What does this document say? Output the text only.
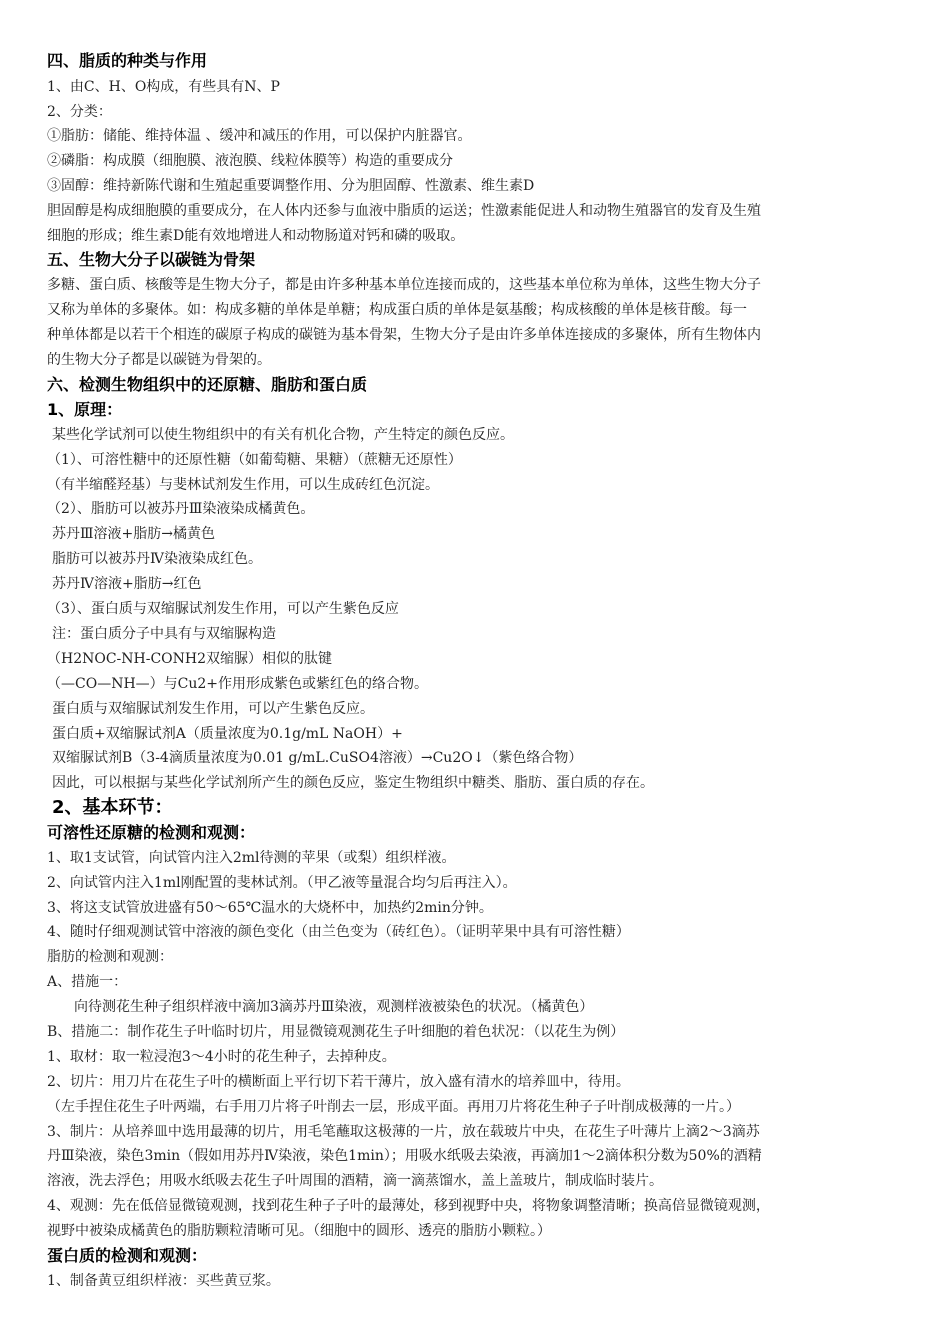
四、脂质的种类与作用

1、由C、H、O构成，有些具有N、P

2、分类：

①脂肪：储能、维持体温 、缓冲和减压的作用，可以保护内脏器官。

②磷脂：构成膜（细胞膜、液泡膜、线粒体膜等）构造的重要成分

③固醇：维持新陈代谢和生殖起重要调整作用、分为胆固醇、性激素、维生素D

胆固醇是构成细胞膜的重要成分，在人体内还参与血液中脂质的运送；性激素能促进人和动物生殖器官的发育及生殖

细胞的形成；维生素D能有效地增进人和动物肠道对钙和磷的吸取。

五、生物大分子以碳链为骨架

多糖、蛋白质、核酸等是生物大分子，都是由许多种基本单位连接而成的，这些基本单位称为单体，这些生物大分子

又称为单体的多聚体。如：构成多糖的单体是单糖；构成蛋白质的单体是氨基酸；构成核酸的单体是核苷酸。每一

种单体都是以若干个相连的碳原子构成的碳链为基本骨架，生物大分子是由许多单体连接成的多聚体，所有生物体内

的生物大分子都是以碳链为骨架的。

六、检测生物组织中的还原糖、脂肪和蛋白质

1、原理：

某些化学试剂可以使生物组织中的有关有机化合物，产生特定的颜色反应。

（1）、可溶性糖中的还原性糖（如葡萄糖、果糖）（蔗糖无还原性）

（有半缩醛羟基）与斐林试剂发生作用，可以生成砖红色沉淀。

（2）、脂肪可以被苏丹Ⅲ染液染成橘黄色。

苏丹Ⅲ溶液+脂肪→橘黄色

脂肪可以被苏丹Ⅳ染液染成红色。

苏丹Ⅳ溶液+脂肪→红色

（3）、蛋白质与双缩脲试剂发生作用，可以产生紫色反应

注：蛋白质分子中具有与双缩脲构造

（H2NOC-NH-CONH2双缩脲）相似的肽键

（—CO—NH—）与Cu2+作用形成紫色或紫红色的络合物。

蛋白质与双缩脲试剂发生作用，可以产生紫色反应。

蛋白质+双缩脲试剂A（质量浓度为0.1g/mL NaOH）+

双缩脲试剂B（3-4滴质量浓度为0.01 g/mL.CuSO4溶液）→Cu2O↓（紫色络合物）

因此，可以根据与某些化学试剂所产生的颜色反应，鉴定生物组织中糖类、脂肪、蛋白质的存在。

2、基本环节：

可溶性还原糖的检测和观测：

1、取1支试管，向试管内注入2ml待测的苹果（或梨）组织样液。

2、向试管内注入1ml刚配置的斐林试剂。（甲乙液等量混合均匀后再注入）。

3、将这支试管放进盛有50～65℃温水的大烧杯中，加热约2min分钟。

4、随时仔细观测试管中溶液的颜色变化（由兰色变为（砖红色）。（证明苹果中具有可溶性糖）

脂肪的检测和观测：

A、措施一：

向待测花生种子组织样液中滴加3滴苏丹Ⅲ染液，观测样液被染色的状况。（橘黄色）

B、措施二：制作花生子叶临时切片，用显微镜观测花生子叶细胞的着色状况：（以花生为例）

1、取材：取一粒浸泡3～4小时的花生种子，去掉种皮。

2、切片：用刀片在花生子叶的横断面上平行切下若干薄片，放入盛有清水的培养皿中，待用。

（左手捏住花生子叶两端，右手用刀片将子叶削去一层，形成平面。再用刀片将花生种子子叶削成极薄的一片。）

3、制片：从培养皿中选用最薄的切片，用毛笔蘸取这极薄的一片，放在载玻片中央，在花生子叶薄片上滴2～3滴苏

丹Ⅲ染液，染色3min（假如用苏丹Ⅳ染液，染色1min）；用吸水纸吸去染液，再滴加1～2滴体积分数为50%的酒精

溶液，洗去浮色；用吸水纸吸去花生子叶周围的酒精，滴一滴蒸馏水，盖上盖玻片，制成临时装片。

4、观测：先在低倍显微镜观测，找到花生种子子叶的最薄处，移到视野中央，将物象调整清晰；换高倍显微镜观测，

视野中被染成橘黄色的脂肪颗粒清晰可见。（细胞中的圆形、透亮的脂肪小颗粒。）

蛋白质的检测和观测：

1、制备黄豆组织样液：买些黄豆浆。
